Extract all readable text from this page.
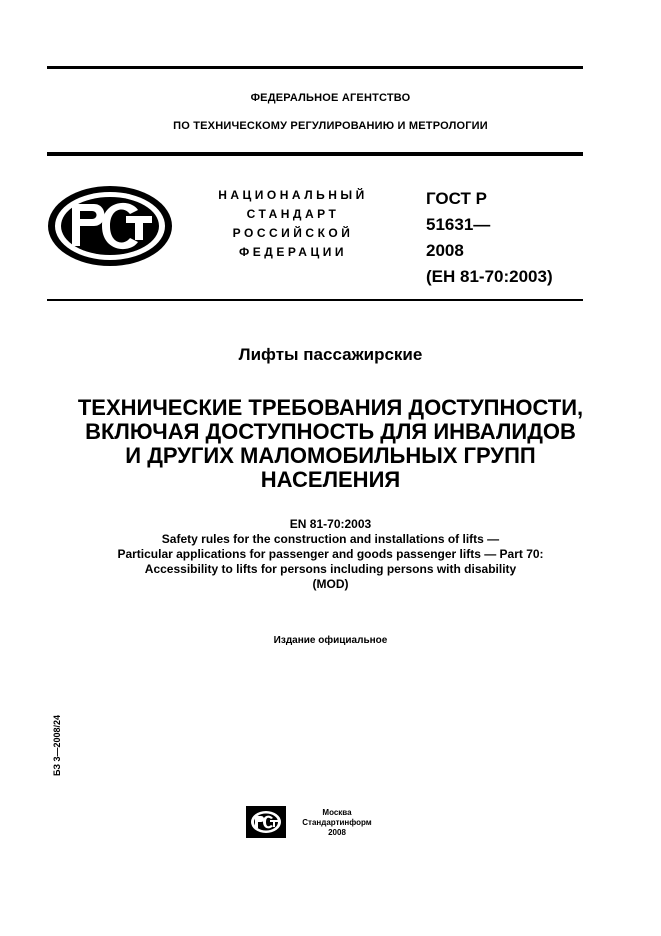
ФЕДЕРАЛЬНОЕ АГЕНТСТВО
ПО ТЕХНИЧЕСКОМУ РЕГУЛИРОВАНИЮ И МЕТРОЛОГИИ
НАЦИОНАЛЬНЫЙ
СТАНДАРТ
РОССИЙСКОЙ
ФЕДЕРАЦИИ
ГОСТ Р
51631—
2008
(ЕН 81-70:2003)
Лифты пассажирские
ТЕХНИЧЕСКИЕ ТРЕБОВАНИЯ ДОСТУПНОСТИ,
ВКЛЮЧАЯ ДОСТУПНОСТЬ ДЛЯ ИНВАЛИДОВ
И ДРУГИХ МАЛОМОБИЛЬНЫХ ГРУПП
НАСЕЛЕНИЯ
EN 81-70:2003
Safety rules for the construction and installations of lifts —
Particular applications for passenger and goods passenger lifts — Part 70:
Accessibility to lifts for persons including persons with disability
(MOD)
Издание официальное
БЗ 3—2008/24
Москва
Стандартинформ
2008
